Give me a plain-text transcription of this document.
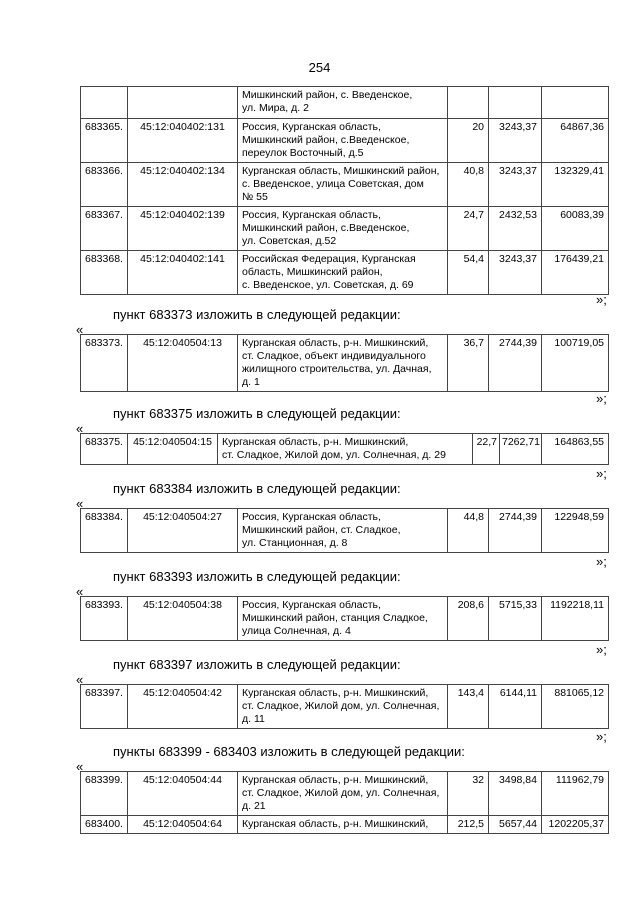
254

		Мишкинский район, с. Введенское,
ул. Мира, д. 2			

683365.	45:12:040402:131	Россия, Курганская область,
Мишкинский район, с.Введенское,
переулок Восточный, д.5	20	3243,37	64867,36
683366.	45:12:040402:134	Курганская область, Мишкинский район,
с. Введенское, улица Советская, дом
№ 55	40,8	3243,37	132329,41
683367.	45:12:040402:139	Россия, Курганская область,
Мишкинский район, с.Введенское,
ул. Советская, д.52	24,7	2432,53	60083,39
683368.	45:12:040402:141	Российская Федерация, Курганская
область, Мишкинский район,
с. Введенское, ул. Советская, д. 69	54,4	3243,37	176439,21
»;
пункт 683373 изложить в следующей редакции:
«
683373.	45:12:040504:13	Курганская область, р-н. Мишкинский,
ст. Сладкое, объект индивидуального
жилищного строительства, ул. Дачная,
д. 1
	36,7	2744,39	100719,05
»;
пункт 683375 изложить в следующей редакции:
«
683375.	45:12:040504:15	Курганская область, р-н. Мишкинский,
ст. Сладкое, Жилой дом, ул. Солнечная, д. 29
	22,7	7262,71	164863,55
»;
пункт 683384 изложить в следующей редакции:
«
683384.	45:12:040504:27	Россия, Курганская область,
Мишкинский район, ст. Сладкое,
ул. Станционная, д. 8
	44,8	2744,39	122948,59
»;
пункт 683393 изложить в следующей редакции:
«
683393.	45:12:040504:38	Россия, Курганская область,
Мишкинский район, станция Сладкое,
улица Солнечная, д. 4
	208,6	5715,33	1192218,11
»;
пункт 683397 изложить в следующей редакции:
«
683397.	45:12:040504:42	Курганская область, р-н. Мишкинский,
ст. Сладкое, Жилой дом, ул. Солнечная,
д. 11
	143,4	6144,11	881065,12
»;
пункты 683399 - 683403 изложить в следующей редакции:
«
683399.	45:12:040504:44	Курганская область, р-н. Мишкинский,
ст. Сладкое, Жилой дом, ул. Солнечная,
д. 21	32	3498,84	111962,79
683400.	45:12:040504:64	Курганская область, р-н. Мишкинский,	212,5	5657,44	1202205,37
